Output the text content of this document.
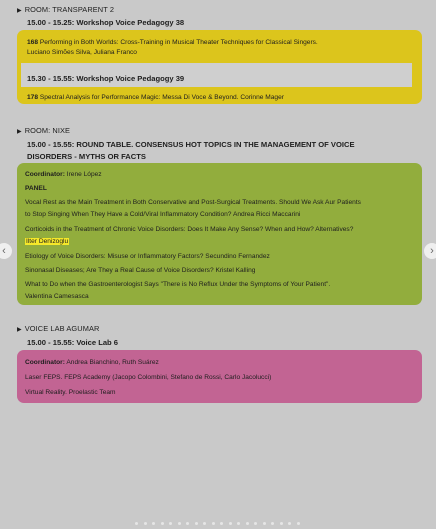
▶ ROOM: TRANSPARENT 2
15.00 - 15.25: Workshop Voice Pedagogy 38
168 Performing in Both Worlds: Cross-Training in Musical Theater Techniques for Classical Singers.
Luciano Simões Silva, Juliana Franco
15.30 - 15.55: Workshop Voice Pedagogy 39
178 Spectral Analysis for Performance Magic: Messa Di Voce & Beyond. Corinne Mager
▶ ROOM: NIXE
15.00 - 15.55: ROUND TABLE. CONSENSUS HOT TOPICS IN THE MANAGEMENT OF VOICE
DISORDERS - MYTHS OR FACTS
Coordinator: Irene López
PANEL
Vocal Rest as the Main Treatment in Both Conservative and Post-Surgical Treatments. Should We Ask Aur Patients
to Stop Singing When They Have a Cold/Viral Inflammatory Condition? Andrea Ricci Maccarini
Corticoids in the Treatment of Chronic Voice Disorders: Does It Make Any Sense? When and How? Alternatives?
Ilter Denizoglu
Etiology of Voice Disorders: Misuse or Inflammatory Factors? Secundino Fernandez
Sinonasal Diseases; Are They a Real Cause of Voice Disorders? Kristel Kalling
What to Do when the Gastroenterologist Says "There is No Reflux Under the Symptoms of Your Patient".
Valentina Camesasca
▶ VOICE LAB AGUMAR
15.00 - 15.55: Voice Lab 6
Coordinator: Andrea Bianchino, Ruth Suárez
Laser FEPS. FEPS Academy (Jacopo Colombini, Stefano de Rossi, Carlo Jacolucci)
Virtual Reality. Proelastic Team
‹	›
